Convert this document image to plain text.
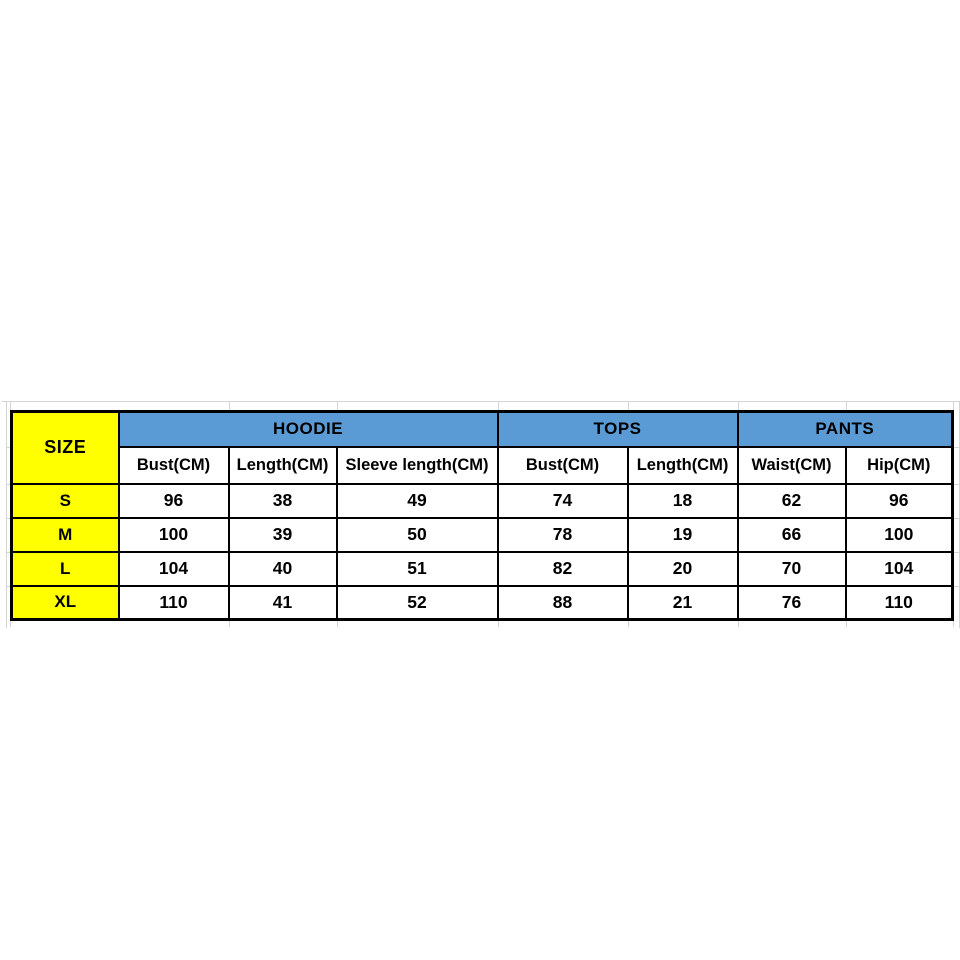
SIZE	HOODIE			TOPS		PANTS	
	Bust(CM)	Length(CM)	Sleeve length(CM)	Bust(CM)	Length(CM)	Waist(CM)	Hip(CM)
S	96	38	49	74	18	62	96
M	100	39	50	78	19	66	100
L	104	40	51	82	20	70	104
XL	110	41	52	88	21	76	110
